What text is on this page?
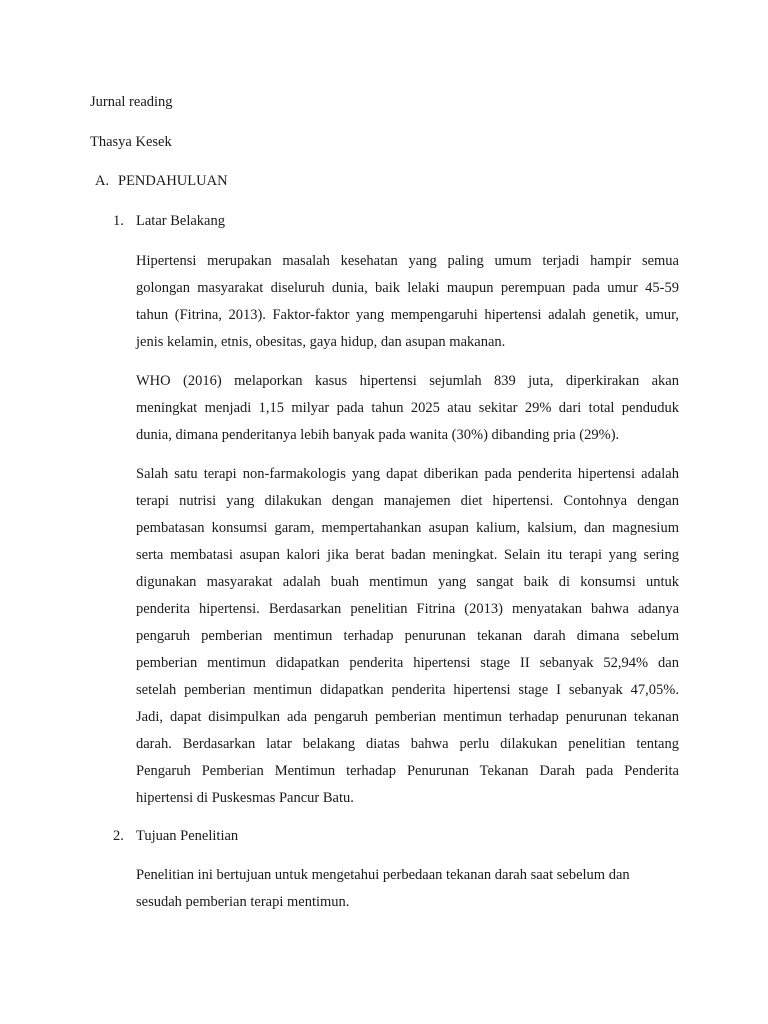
Jurnal reading
Thasya Kesek
A. PENDAHULUAN
1. Latar Belakang
Hipertensi merupakan masalah kesehatan yang paling umum terjadi hampir semua
golongan masyarakat diseluruh dunia, baik lelaki maupun perempuan pada umur 45-59
tahun (Fitrina, 2013). Faktor-faktor yang mempengaruhi hipertensi adalah genetik, umur,
jenis kelamin, etnis, obesitas, gaya hidup, dan asupan makanan.
WHO (2016) melaporkan kasus hipertensi sejumlah 839 juta, diperkirakan akan
meningkat menjadi 1,15 milyar pada tahun 2025 atau sekitar 29% dari total penduduk
dunia, dimana penderitanya lebih banyak pada wanita (30%) dibanding pria (29%).
Salah satu terapi non-farmakologis yang dapat diberikan pada penderita hipertensi adalah
terapi nutrisi yang dilakukan dengan manajemen diet hipertensi. Contohnya dengan
pembatasan konsumsi garam, mempertahankan asupan kalium, kalsium, dan magnesium
serta membatasi asupan kalori jika berat badan meningkat. Selain itu terapi yang sering
digunakan masyarakat adalah buah mentimun yang sangat baik di konsumsi untuk
penderita hipertensi. Berdasarkan penelitian Fitrina (2013) menyatakan bahwa adanya
pengaruh pemberian mentimun terhadap penurunan tekanan darah dimana sebelum
pemberian mentimun didapatkan penderita hipertensi stage II sebanyak 52,94% dan
setelah pemberian mentimun didapatkan penderita hipertensi stage I sebanyak 47,05%.
Jadi, dapat disimpulkan ada pengaruh pemberian mentimun terhadap penurunan tekanan
darah. Berdasarkan latar belakang diatas bahwa perlu dilakukan penelitian tentang
Pengaruh Pemberian Mentimun terhadap Penurunan Tekanan Darah pada Penderita
hipertensi di Puskesmas Pancur Batu.
2. Tujuan Penelitian
Penelitian ini bertujuan untuk mengetahui perbedaan tekanan darah saat sebelum dan
sesudah pemberian terapi mentimun.
